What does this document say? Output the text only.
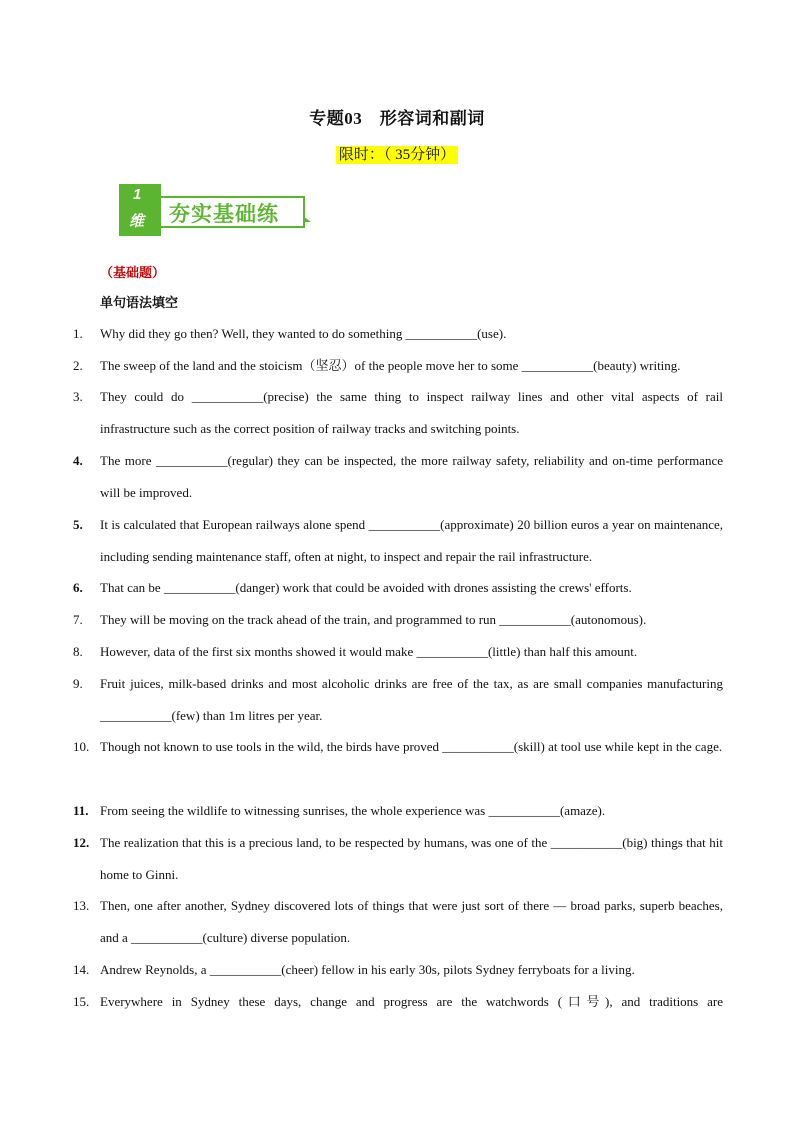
专题03　形容词和副词
限时：（ 35分钟）
1
维 夯实基础练
（基础题）
单句语法填空
1. Why did they go then? Well, they wanted to do something ___________(use).
2. The sweep of the land and the stoicism（坚忍）of the people move her to some ___________(beauty) writing.
3. They could do ___________(precise) the same thing to inspect railway lines and other vital aspects of rail infrastructure such as the correct position of railway tracks and switching points.
4. The more ___________(regular) they can be inspected, the more railway safety, reliability and on-time performance will be improved.
5. It is calculated that European railways alone spend ___________(approximate) 20 billion euros a year on maintenance, including sending maintenance staff, often at night, to inspect and repair the rail infrastructure.
6. That can be ___________(danger) work that could be avoided with drones assisting the crews' efforts.
7. They will be moving on the track ahead of the train, and programmed to run ___________(autonomous).
8. However, data of the first six months showed it would make ___________(little) than half this amount.
9. Fruit juices, milk-based drinks and most alcoholic drinks are free of the tax, as are small companies manufacturing ___________(few) than 1m litres per year.
10. Though not known to use tools in the wild, the birds have proved ___________(skill) at tool use while kept in the cage.
11. From seeing the wildlife to witnessing sunrises, the whole experience was ___________(amaze).
12. The realization that this is a precious land, to be respected by humans, was one of the ___________(big) things that hit home to Ginni.
13. Then, one after another, Sydney discovered lots of things that were just sort of there — broad parks, superb beaches, and a ___________(culture) diverse population.
14. Andrew Reynolds, a ___________(cheer) fellow in his early 30s, pilots Sydney ferryboats for a living.
15. Everywhere in Sydney these days, change and progress are the watchwords (口号), and traditions are
